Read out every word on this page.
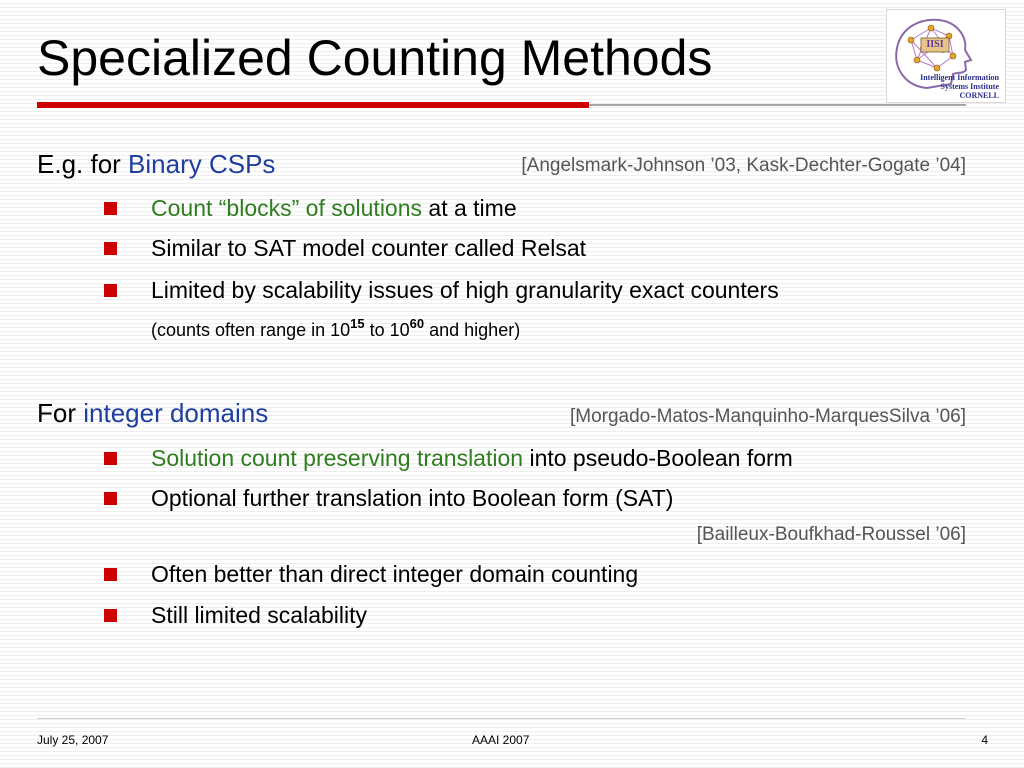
Specialized Counting Methods	IISI
Intelligent Information
Systems Institute
CORNELL
E.g. for Binary CSPs	[Angelsmark-Johnson ’03, Kask-Dechter-Gogate ’04]
Count “blocks” of solutions at a time
Similar to SAT model counter called Relsat
Limited by scalability issues of high granularity exact counters
(counts often range in $10^{15}$ to $10^{60}$ and higher)
For integer domains	[Morgado-Matos-Manquinho-MarquesSilva ’06]
Solution count preserving translation into pseudo-Boolean form
Optional further translation into Boolean form (SAT)
[Bailleux-Boufkhad-Roussel ’06]
Often better than direct integer domain counting
Still limited scalability
July 25, 2007	AAAI 2007	4
